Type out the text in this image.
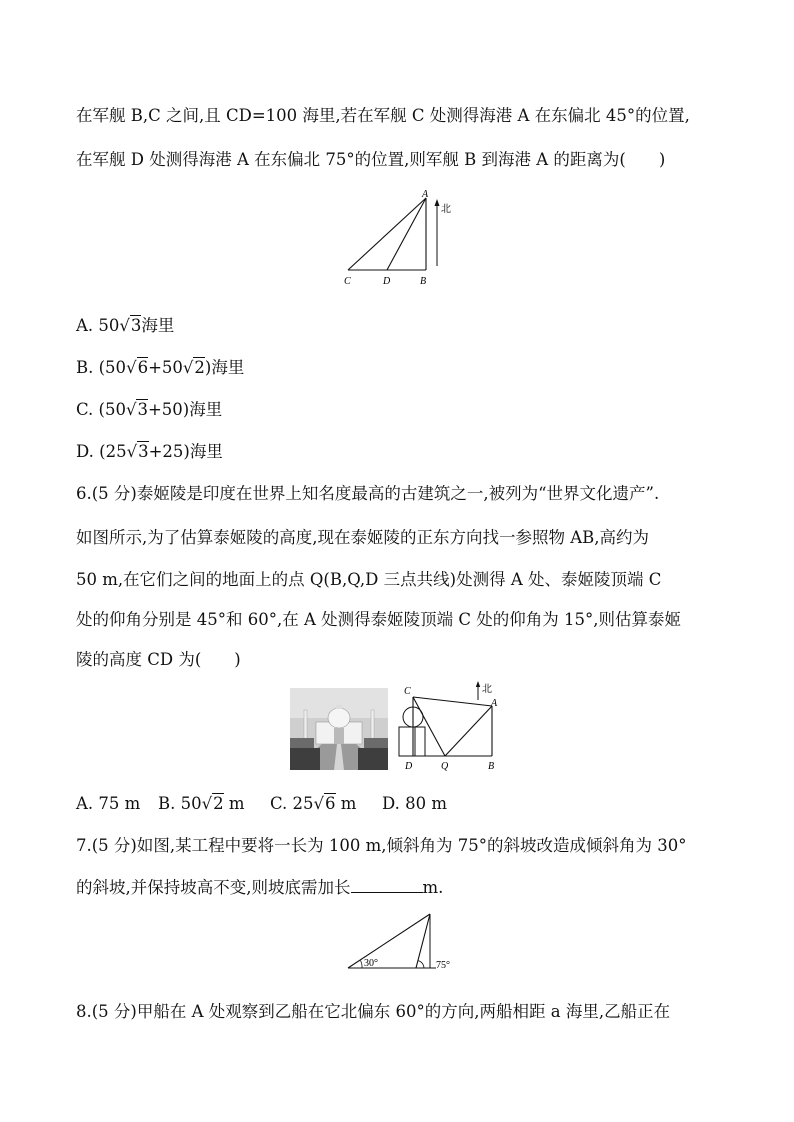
在军舰 B,C 之间,且 CD=100 海里,若在军舰 C 处测得海港 A 在东偏北 45°的位置,
在军舰 D 处测得海港 A 在东偏北 75°的位置,则军舰 B 到海港 A 的距离为(　　)
A
B
C	D
北
A. 50√3海里
B. (50√6+50√2)海里
C. (50√3+50)海里
D. (25√3+25)海里
6.(5 分)泰姬陵是印度在世界上知名度最高的古建筑之一,被列为“世界文化遗产”.
如图所示,为了估算泰姬陵的高度,现在泰姬陵的正东方向找一参照物 AB,高约为
50 m,在它们之间的地面上的点 Q(B,Q,D 三点共线)处测得 A 处、泰姬陵顶端 C
处的仰角分别是 45°和 60°,在 A 处测得泰姬陵顶端 C 处的仰角为 15°,则估算泰姬
陵的高度 CD 为(　　)
北
C
A
D	Q	B
A. 75 m B. 50√2 m C. 25√6 m D. 80 m
7.(5 分)如图,某工程中要将一长为 100 m,倾斜角为 75°的斜坡改造成倾斜角为 30°
的斜坡,并保持坡高不变,则坡底需加长	m.
30°	75°
8.(5 分)甲船在 A 处观察到乙船在它北偏东 60°的方向,两船相距 a 海里,乙船正在
